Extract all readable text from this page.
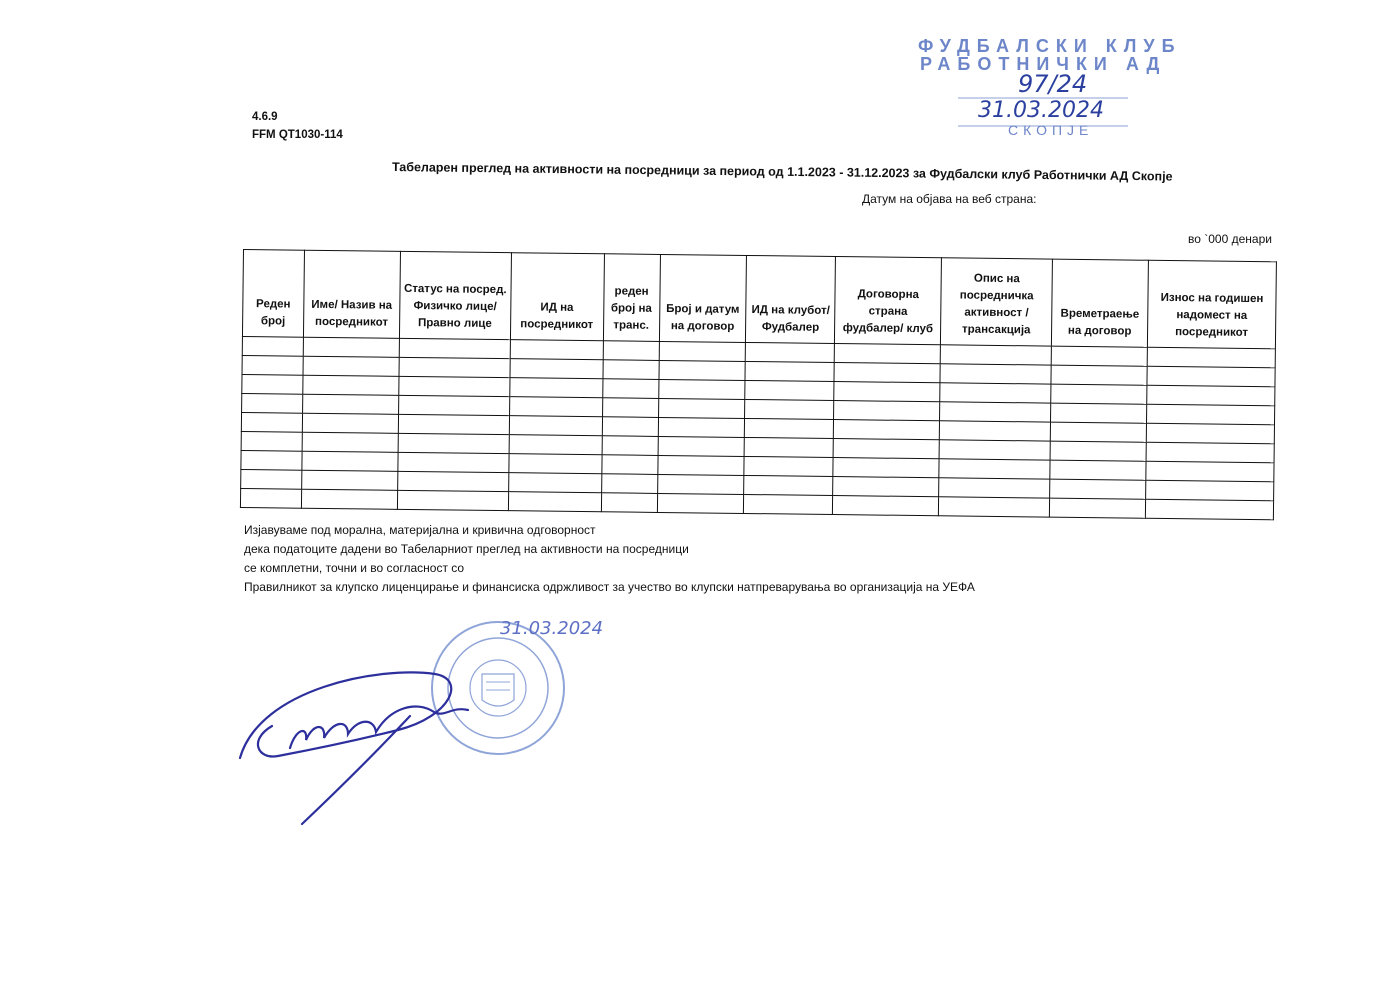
ФУДБАЛСКИ КЛУБ
РАБОТНИЧКИ АД
97/24
31.03.2024
СКОПЈЕ
4.6.9
FFM QT1030-114
Табеларен преглед на активности на посредници за период од 1.1.2023 - 31.12.2023 за Фудбалски клуб Работнички АД Скопје
Датум на објава на веб страна:
во `000 денари
Реден број	Име/ Назив на посредникот	Статус на посред. Физичко лице/ Правно лице	ИД на посредникот	реден број на транс.	Број и датум на договор	ИД на клубот/ Фудбалер	Договорна страна фудбалер/ клуб	Опис на посредничка активност /трансакција	Времетраење на договор	Износ на годишен надомест на посредникот

Изјавуваме под морална, материјална и кривична одговорност
дека податоците дадени во Табеларниот преглед на активности на посредници
се комплетни, точни и во согласност со
Правилникот за клупско лиценцирање и финансиска одржливост за учество во клупски натпреварувања во организација на УЕФА
31.03.2024
